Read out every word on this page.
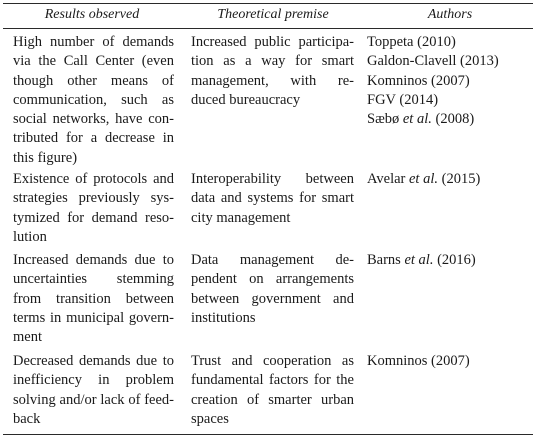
Results observed	Theoretical premise	Authors
High number of demands
via the Call Center (even
though other means of
communication, such as
social networks, have con-
tributed for a decrease in
this figure)
Increased public participa-
tion as a way for smart
management, with re-
duced bureaucracy
Toppeta (2010)
Galdon-Clavell (2013)
Komninos (2007)
FGV (2014)
Sæbø et al. (2008)
Existence of protocols and
strategies previously sys-
tymized for demand reso-
lution
Interoperability between
data and systems for smart
city management
Avelar et al. (2015)
Increased demands due to
uncertainties stemming
from transition between
terms in municipal govern-
ment
Data management de-
pendent on arrangements
between government and
institutions
Barns et al. (2016)
Decreased demands due to
inefficiency in problem
solving and/or lack of feed-
back
Trust and cooperation as
fundamental factors for the
creation of smarter urban
spaces
Komninos (2007)
